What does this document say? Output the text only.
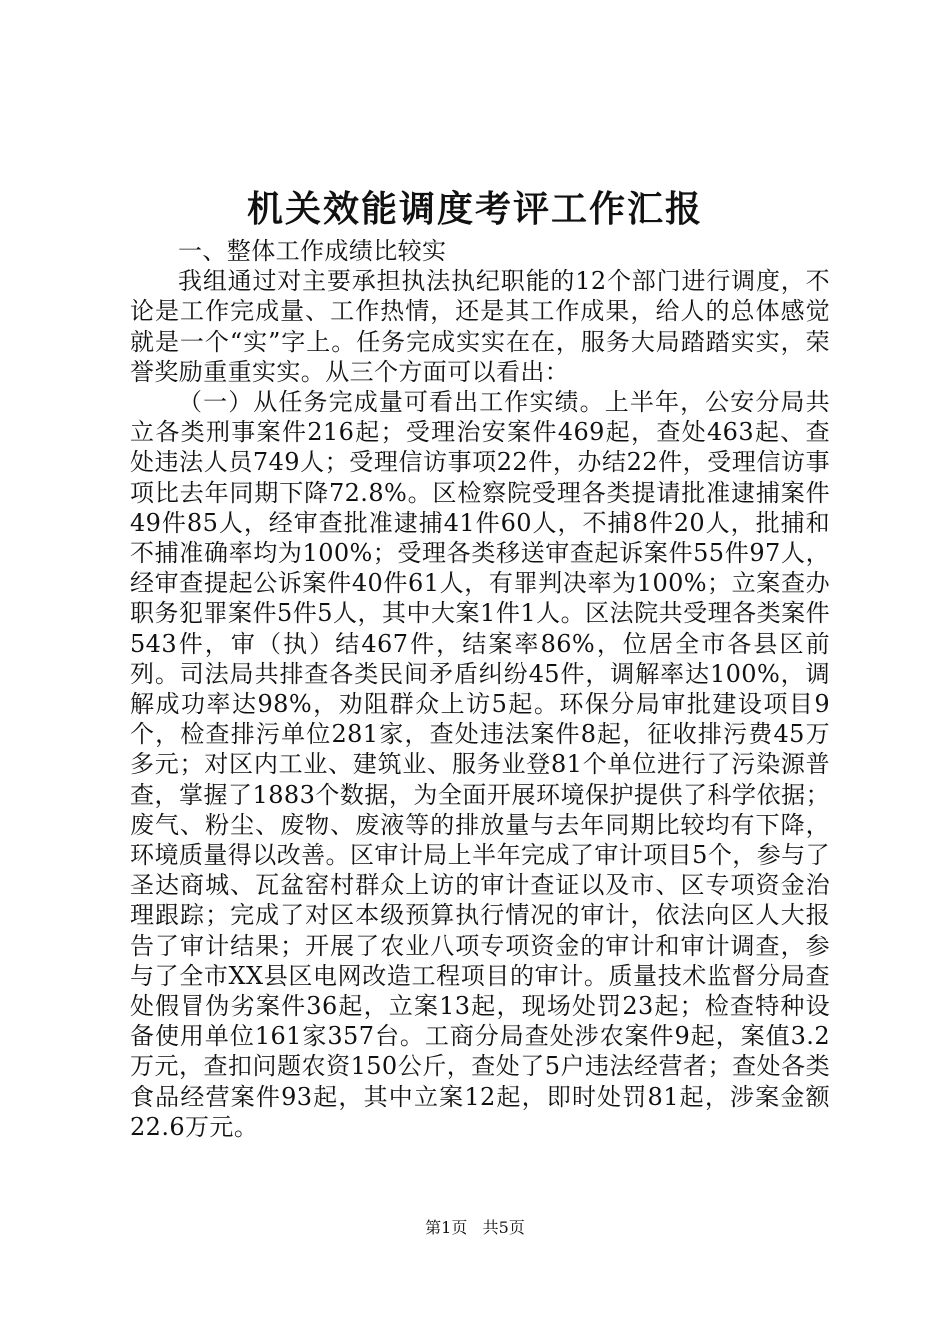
机关效能调度考评工作汇报

一、整体工作成绩比较实

我组通过对主要承担执法执纪职能的12个部门进行调度，不论是工作完成量、工作热情，还是其工作成果，给人的总体感觉就是一个“实”字上。任务完成实实在在，服务大局踏踏实实，荣誉奖励重重实实。从三个方面可以看出：

（一）从任务完成量可看出工作实绩。上半年，公安分局共立各类刑事案件216起；受理治安案件469起，查处463起、查处违法人员749人；受理信访事项22件，办结22件，受理信访事项比去年同期下降72.8%。区检察院受理各类提请批准逮捕案件49件85人，经审查批准逮捕41件60人，不捕8件20人，批捕和不捕准确率均为100%；受理各类移送审查起诉案件55件97人，经审查提起公诉案件40件61人，有罪判决率为100%；立案查办职务犯罪案件5件5人，其中大案1件1人。区法院共受理各类案件543件，审（执）结467件，结案率86%，位居全市各县区前列。司法局共排查各类民间矛盾纠纷45件，调解率达100%，调解成功率达98%，劝阻群众上访5起。环保分局审批建设项目9个，检查排污单位281家，查处违法案件8起，征收排污费45万多元；对区内工业、建筑业、服务业登81个单位进行了污染源普查，掌握了1883个数据，为全面开展环境保护提供了科学依据；废气、粉尘、废物、废液等的排放量与去年同期比较均有下降，环境质量得以改善。区审计局上半年完成了审计项目5个，参与了圣达商城、瓦盆窑村群众上访的审计查证以及市、区专项资金治理跟踪；完成了对区本级预算执行情况的审计，依法向区人大报告了审计结果；开展了农业八项专项资金的审计和审计调查，参与了全市XX县区电网改造工程项目的审计。质量技术监督分局查处假冒伪劣案件36起，立案13起，现场处罚23起；检查特种设备使用单位161家357台。工商分局查处涉农案件9起，案值3.2万元，查扣问题农资150公斤，查处了5户违法经营者；查处各类食品经营案件93起，其中立案12起，即时处罚81起，涉案金额22.6万元。

第1页 共5页
